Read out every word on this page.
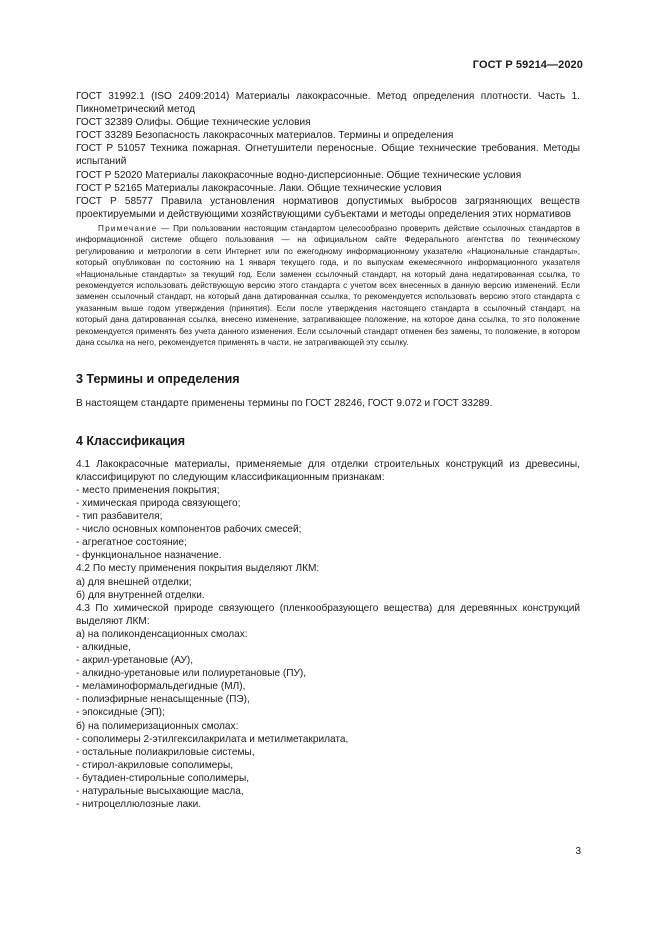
ГОСТ Р 59214—2020

ГОСТ 31992.1 (ISO 2409:2014) Материалы лакокрасочные. Метод определения плотности. Часть 1. Пикнометрический метод

ГОСТ 32389 Олифы. Общие технические условия

ГОСТ 33289 Безопасность лакокрасочных материалов. Термины и определения

ГОСТ Р 51057 Техника пожарная. Огнетушители переносные. Общие технические требования. Методы испытаний

ГОСТ Р 52020 Материалы лакокрасочные водно-дисперсионные. Общие технические условия

ГОСТ Р 52165 Материалы лакокрасочные. Лаки. Общие технические условия

ГОСТ Р 58577 Правила установления нормативов допустимых выбросов загрязняющих веществ проектируемыми и действующими хозяйствующими субъектами и методы определения этих нормативов

Примечание — При пользовании настоящим стандартом целесообразно проверить действие ссылочных стандартов в информационной системе общего пользования — на официальном сайте Федерального агентства по техническому регулированию и метрологии в сети Интернет или по ежегодному информационному указателю «Национальные стандарты», который опубликован по состоянию на 1 января текущего года, и по выпускам ежемесячного информационного указателя «Национальные стандарты» за текущий год. Если заменен ссылочный стандарт, на который дана недатированная ссылка, то рекомендуется использовать действующую версию этого стандарта с учетом всех внесенных в данную версию изменений. Если заменен ссылочный стандарт, на который дана датированная ссылка, то рекомендуется использовать версию этого стандарта с указанным выше годом утверждения (принятия). Если после утверждения настоящего стандарта в ссылочный стандарт, на который дана датированная ссылка, внесено изменение, затрагивающее положение, на которое дана ссылка, то это положение рекомендуется применять без учета данного изменения. Если ссылочный стандарт отменен без замены, то положение, в котором дана ссылка на него, рекомендуется применять в части, не затрагивающей эту ссылку.

3 Термины и определения

В настоящем стандарте применены термины по ГОСТ 28246, ГОСТ 9.072 и ГОСТ 33289.

4 Классификация

4.1 Лакокрасочные материалы, применяемые для отделки строительных конструкций из древесины, классифицируют по следующим классификационным признакам:

- место применения покрытия;

- химическая природа связующего;

- тип разбавителя;

- число основных компонентов рабочих смесей;

- агрегатное состояние;

- функциональное назначение.

4.2 По месту применения покрытия выделяют ЛКМ:

а) для внешней отделки;

б) для внутренней отделки.

4.3 По химической природе связующего (пленкообразующего вещества) для деревянных конструкций выделяют ЛКМ:

а) на поликонденсационных смолах:

- алкидные,

- акрил-уретановые (АУ),

- алкидно-уретановые или полиуретановые (ПУ),

- меламиноформальдегидные (МЛ),

- полиэфирные ненасыщенные (ПЭ),

- эпоксидные (ЭП);

б) на полимеризационных смолах:

- сополимеры 2-этилгексилакрилата и метилметакрилата,

- остальные полиакриловые системы,

- стирол-акриловые сополимеры,

- бутадиен-стирольные сополимеры,

- натуральные высыхающие масла,

- нитроцеллюлозные лаки.

3
